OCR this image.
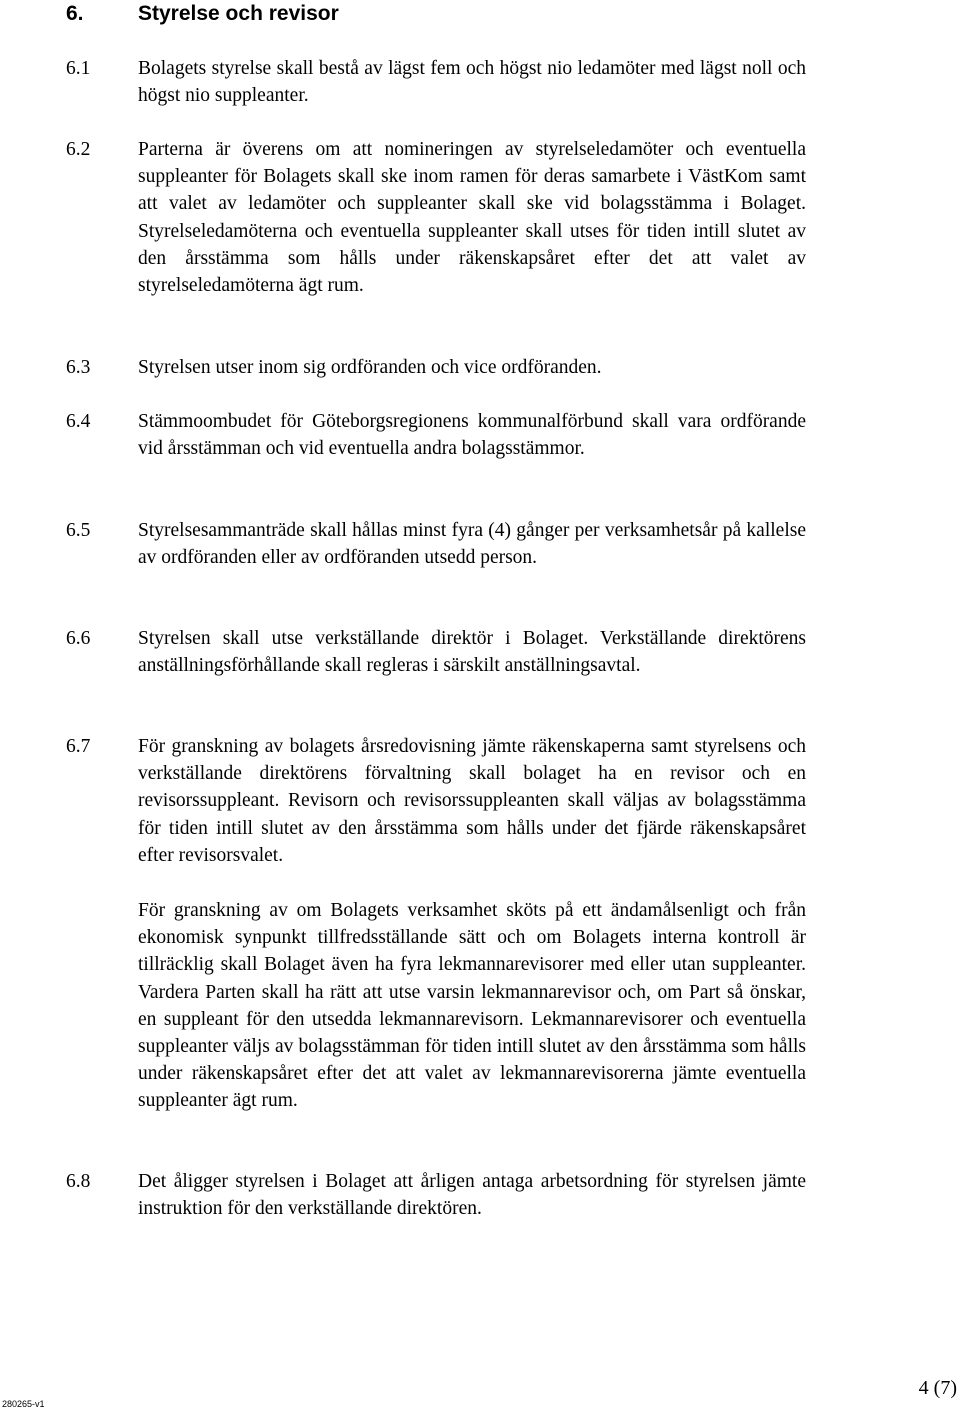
6.	Styrelse och revisor
6.1 Bolagets styrelse skall bestå av lägst fem och högst nio ledamöter med lägst noll och högst nio suppleanter.
6.2 Parterna är överens om att nomineringen av styrelseledamöter och eventuella suppleanter för Bolagets skall ske inom ramen för deras samarbete i VästKom samt att valet av ledamöter och suppleanter skall ske vid bolagsstämma i Bolaget. Styrelseledamöterna och eventuella suppleanter skall utses för tiden intill slutet av den årsstämma som hålls under räkenskapsåret efter det att valet av styrelseledamöterna ägt rum.
6.3 Styrelsen utser inom sig ordföranden och vice ordföranden.
6.4 Stämmoombudet för Göteborgsregionens kommunalförbund skall vara ordförande vid årsstämman och vid eventuella andra bolagsstämmor.
6.5 Styrelsesammanträde skall hållas minst fyra (4) gånger per verksamhetsår på kallelse av ordföranden eller av ordföranden utsedd person.
6.6 Styrelsen skall utse verkställande direktör i Bolaget. Verkställande direktörens anställningsförhållande skall regleras i särskilt anställningsavtal.
6.7 För granskning av bolagets årsredovisning jämte räkenskaperna samt styrelsens och verkställande direktörens förvaltning skall bolaget ha en revisor och en revisorssuppleant. Revisorn och revisorssuppleanten skall väljas av bolagsstämma för tiden intill slutet av den årsstämma som hålls under det fjärde räkenskapsåret efter revisorsvalet.
För granskning av om Bolagets verksamhet sköts på ett ändamålsenligt och från ekonomisk synpunkt tillfredsställande sätt och om Bolagets interna kontroll är tillräcklig skall Bolaget även ha fyra lekmannarevisorer med eller utan suppleanter. Vardera Parten skall ha rätt att utse varsin lekmannarevisor och, om Part så önskar, en suppleant för den utsedda lekmannarevisorn. Lekmannarevisorer och eventuella suppleanter väljs av bolagsstämman för tiden intill slutet av den årsstämma som hålls under räkenskapsåret efter det att valet av lekmannarevisorerna jämte eventuella suppleanter ägt rum.
6.8 Det åligger styrelsen i Bolaget att årligen antaga arbetsordning för styrelsen jämte instruktion för den verkställande direktören.
280265-v1
4 (7)
